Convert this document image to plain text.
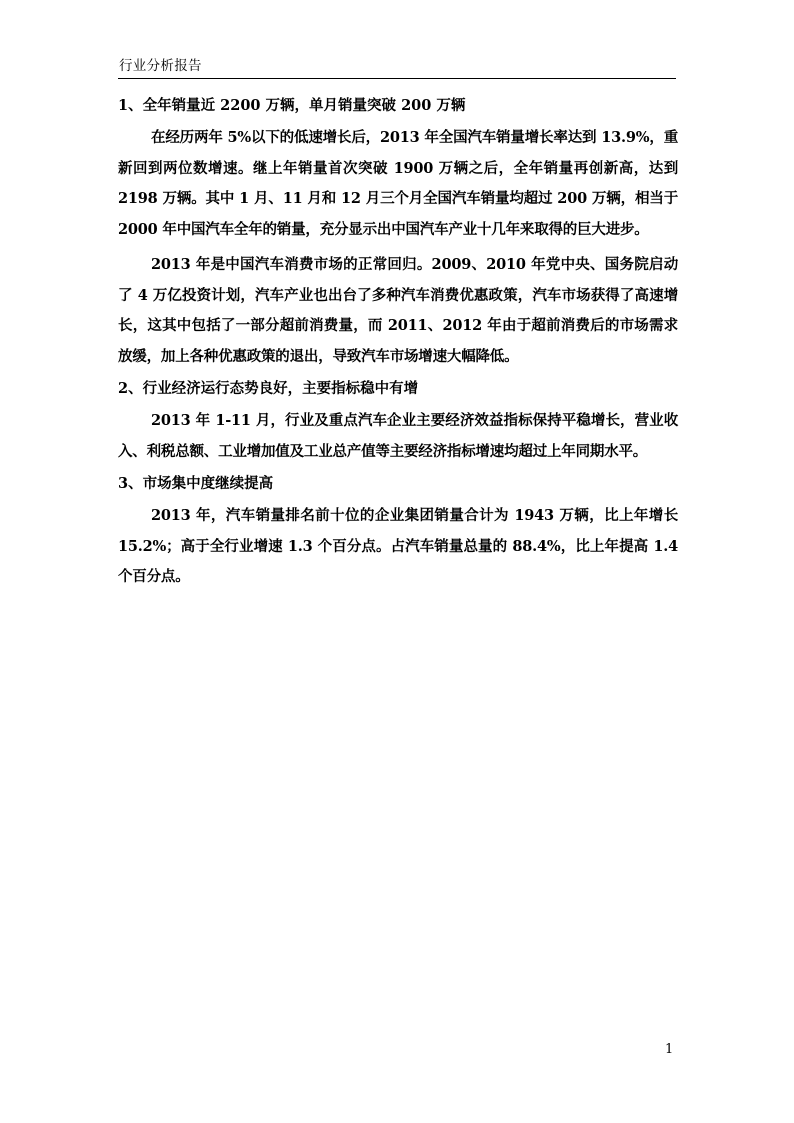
行业分析报告
1、全年销量近 2200 万辆，单月销量突破 200 万辆

在经历两年 5%以下的低速增长后，2013 年全国汽车销量增长率达到 13.9%，重新回到两位数增速。继上年销量首次突破 1900 万辆之后，全年销量再创新高，达到 2198 万辆。其中 1 月、11 月和 12 月三个月全国汽车销量均超过 200 万辆，相当于 2000 年中国汽车全年的销量，充分显示出中国汽车产业十几年来取得的巨大进步。

2013 年是中国汽车消费市场的正常回归。2009、2010 年党中央、国务院启动了 4 万亿投资计划，汽车产业也出台了多种汽车消费优惠政策，汽车市场获得了高速增长，这其中包括了一部分超前消费量，而 2011、2012 年由于超前消费后的市场需求放缓，加上各种优惠政策的退出，导致汽车市场增速大幅降低。

2、行业经济运行态势良好，主要指标稳中有增

2013 年 1-11 月，行业及重点汽车企业主要经济效益指标保持平稳增长，营业收入、利税总额、工业增加值及工业总产值等主要经济指标增速均超过上年同期水平。

3、市场集中度继续提高

2013 年，汽车销量排名前十位的企业集团销量合计为 1943 万辆，比上年增长 15.2%；高于全行业增速 1.3 个百分点。占汽车销量总量的 88.4%，比上年提高 1.4 个百分点。

1
